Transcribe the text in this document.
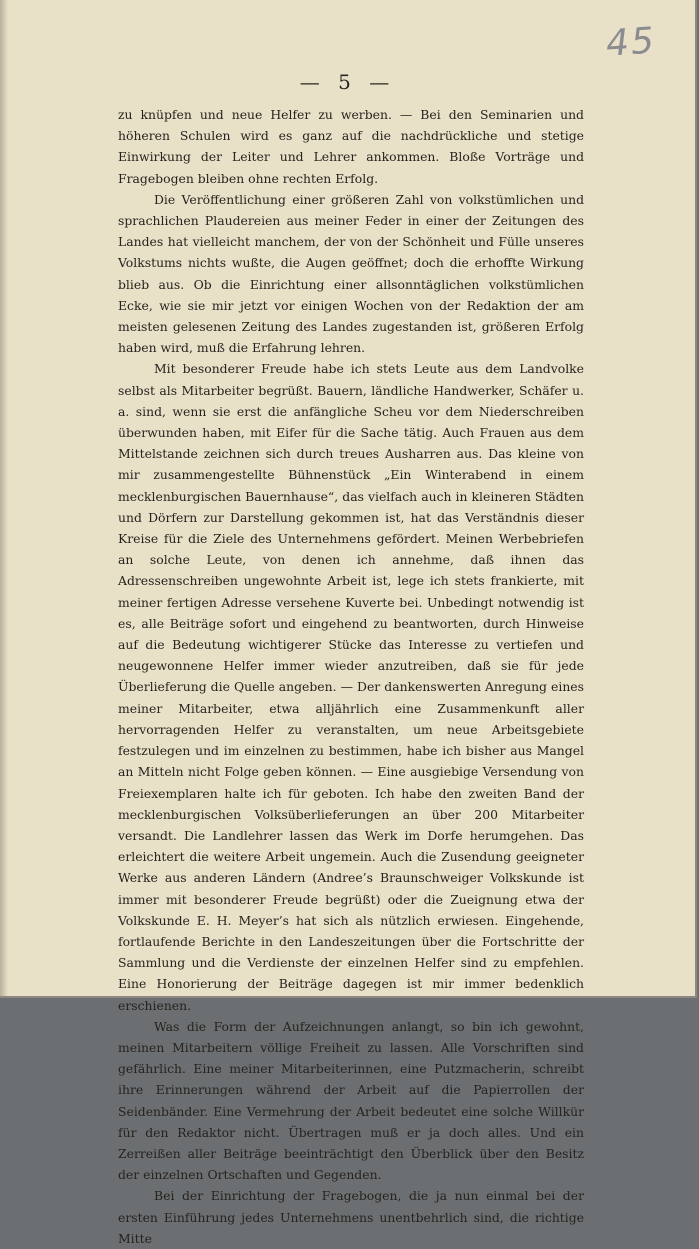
45
— 5 —

zu knüpfen und neue Helfer zu werben. — Bei den Seminarien und höheren Schulen wird es ganz auf die nachdrückliche und stetige Einwirkung der Leiter und Lehrer ankommen. Bloße Vorträge und Fragebogen bleiben ohne rechten Erfolg.

Die Veröffentlichung einer größeren Zahl von volkstümlichen und sprachlichen Plaudereien aus meiner Feder in einer der Zeitungen des Landes hat vielleicht manchem, der von der Schönheit und Fülle unseres Volkstums nichts wußte, die Augen geöffnet; doch die erhoffte Wirkung blieb aus. Ob die Einrichtung einer allsonntäglichen volkstümlichen Ecke, wie sie mir jetzt vor einigen Wochen von der Redaktion der am meisten gelesenen Zeitung des Landes zugestanden ist, größeren Erfolg haben wird, muß die Erfahrung lehren.

Mit besonderer Freude habe ich stets Leute aus dem Landvolke selbst als Mitarbeiter begrüßt. Bauern, ländliche Handwerker, Schäfer u. a. sind, wenn sie erst die anfängliche Scheu vor dem Niederschreiben überwunden haben, mit Eifer für die Sache tätig. Auch Frauen aus dem Mittelstande zeichnen sich durch treues Ausharren aus. Das kleine von mir zusammengestellte Bühnenstück „Ein Winterabend in einem mecklenburgischen Bauernhause“, das vielfach auch in kleineren Städten und Dörfern zur Darstellung gekommen ist, hat das Verständnis dieser Kreise für die Ziele des Unternehmens gefördert. Meinen Werbebriefen an solche Leute, von denen ich annehme, daß ihnen das Adressenschreiben ungewohnte Arbeit ist, lege ich stets frankierte, mit meiner fertigen Adresse versehene Kuverte bei. Unbedingt notwendig ist es, alle Beiträge sofort und eingehend zu beantworten, durch Hinweise auf die Bedeutung wichtigerer Stücke das Interesse zu vertiefen und neugewonnene Helfer immer wieder anzutreiben, daß sie für jede Überlieferung die Quelle angeben. — Der dankenswerten Anregung eines meiner Mitarbeiter, etwa alljährlich eine Zusammenkunft aller hervorragenden Helfer zu veranstalten, um neue Arbeitsgebiete festzulegen und im einzelnen zu bestimmen, habe ich bisher aus Mangel an Mitteln nicht Folge geben können. — Eine ausgiebige Versendung von Freiexemplaren halte ich für geboten. Ich habe den zweiten Band der mecklenburgischen Volksüberlieferungen an über 200 Mitarbeiter versandt. Die Landlehrer lassen das Werk im Dorfe herumgehen. Das erleichtert die weitere Arbeit ungemein. Auch die Zusendung geeigneter Werke aus anderen Ländern (Andree’s Braunschweiger Volkskunde ist immer mit besonderer Freude begrüßt) oder die Zueignung etwa der Volkskunde E. H. Meyer’s hat sich als nützlich erwiesen. Eingehende, fortlaufende Berichte in den Landeszeitungen über die Fortschritte der Sammlung und die Verdienste der einzelnen Helfer sind zu empfehlen. Eine Honorierung der Beiträge dagegen ist mir immer bedenklich erschienen.

Was die Form der Aufzeichnungen anlangt, so bin ich gewohnt, meinen Mitarbeitern völlige Freiheit zu lassen. Alle Vorschriften sind gefährlich. Eine meiner Mitarbeiterinnen, eine Putzmacherin, schreibt ihre Erinnerungen während der Arbeit auf die Papierrollen der Seidenbänder. Eine Vermehrung der Arbeit bedeutet eine solche Willkür für den Redaktor nicht. Übertragen muß er ja doch alles. Und ein Zerreißen aller Beiträge beeinträchtigt den Überblick über den Besitz der einzelnen Ortschaften und Gegenden.

Bei der Einrichtung der Fragebogen, die ja nun einmal bei der ersten Einführung jedes Unternehmens unentbehrlich sind, die richtige Mitte
